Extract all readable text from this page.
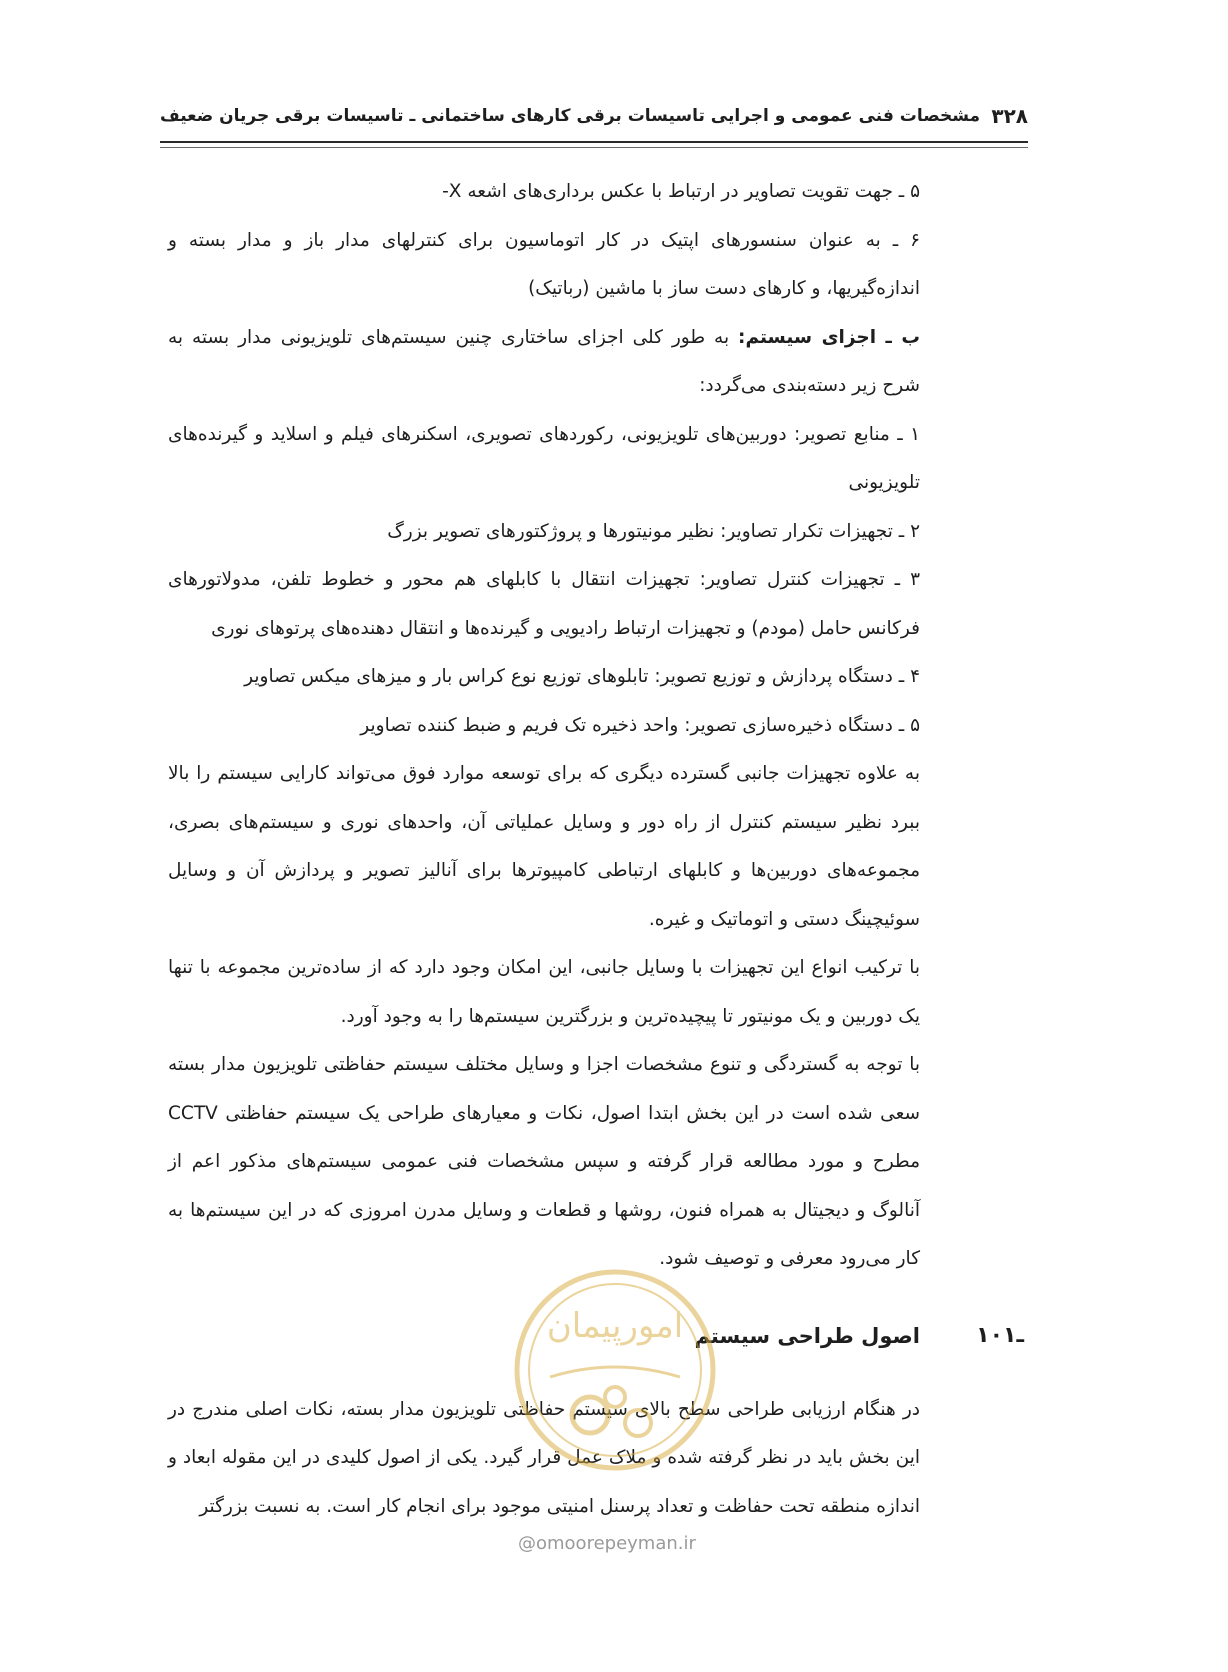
۳۲۸
مشخصات فنی عمومی و اجرایی تاسیسات برقی کارهای ساختمانی ـ تاسیسات برقی جریان ضعیف

۵ ـ جهت تقویت تصاویر در ارتباط با عکس برداری‌های اشعه X-

۶ ـ به عنوان سنسورهای اپتیک در کار اتوماسیون برای کنترلهای مدار باز و مدار بسته و اندازه‌گیریها، و کارهای دست ساز با ماشین (رباتیک)

ب ـ اجزای سیستم: به طور کلی اجزای ساختاری چنین سیستم‌های تلویزیونی مدار بسته به شرح زیر دسته‌بندی می‌گردد:

۱ ـ منابع تصویر: دوربین‌های تلویزیونی، رکوردهای تصویری، اسکنرهای فیلم و اسلاید و گیرنده‌های تلویزیونی

۲ ـ تجهیزات تکرار تصاویر: نظیر مونیتورها و پروژکتورهای تصویر بزرگ

۳ ـ تجهیزات کنترل تصاویر: تجهیزات انتقال با کابلهای هم محور و خطوط تلفن، مدولاتورهای فرکانس حامل (مودم) و تجهیزات ارتباط رادیویی و گیرنده‌ها و انتقال دهنده‌های پرتوهای نوری

۴ ـ دستگاه پردازش و توزیع تصویر: تابلوهای توزیع نوع کراس بار و میزهای میکس تصاویر

۵ ـ دستگاه ذخیره‌سازی تصویر: واحد ذخیره تک فریم و ضبط کننده تصاویر

به علاوه تجهیزات جانبی گسترده دیگری که برای توسعه موارد فوق می‌تواند کارایی سیستم را بالا ببرد نظیر سیستم کنترل از راه دور و وسایل عملیاتی آن، واحدهای نوری و سیستم‌های بصری، مجموعه‌های دوربین‌ها و کابلهای ارتباطی کامپیوترها برای آنالیز تصویر و پردازش آن و وسایل سوئیچینگ دستی و اتوماتیک و غیره.

با ترکیب انواع این تجهیزات با وسایل جانبی، این امکان وجود دارد که از ساده‌ترین مجموعه با تنها یک دوربین و یک مونیتور تا پیچیده‌ترین و بزرگترین سیستم‌ها را به وجود آورد.

با توجه به گستردگی و تنوع مشخصات اجزا و وسایل مختلف سیستم حفاظتی تلویزیون مدار بسته سعی شده است در این بخش ابتدا اصول، نکات و معیارهای طراحی یک سیستم حفاظتی CCTV مطرح و مورد مطالعه قرار گرفته و سپس مشخصات فنی عمومی سیستم‌های مذکور اعم از آنالوگ و دیجیتال به همراه فنون، روشها و قطعات و وسایل مدرن امروزی که در این سیستم‌ها به کار می‌رود معرفی و توصیف شود.

۱۰ـ۱
اصول طراحی سیستم

در هنگام ارزیابی طراحی سطح بالای سیستم حفاظتی تلویزیون مدار بسته، نکات اصلی مندرج در این بخش باید در نظر گرفته شده و ملاک عمل قرار گیرد. یکی از اصول کلیدی در این مقوله ابعاد و اندازه منطقه تحت حفاظت و تعداد پرسنل امنیتی موجود برای انجام کار است. به نسبت بزرگتر

امورپیمان
@omoorepeyman.ir
